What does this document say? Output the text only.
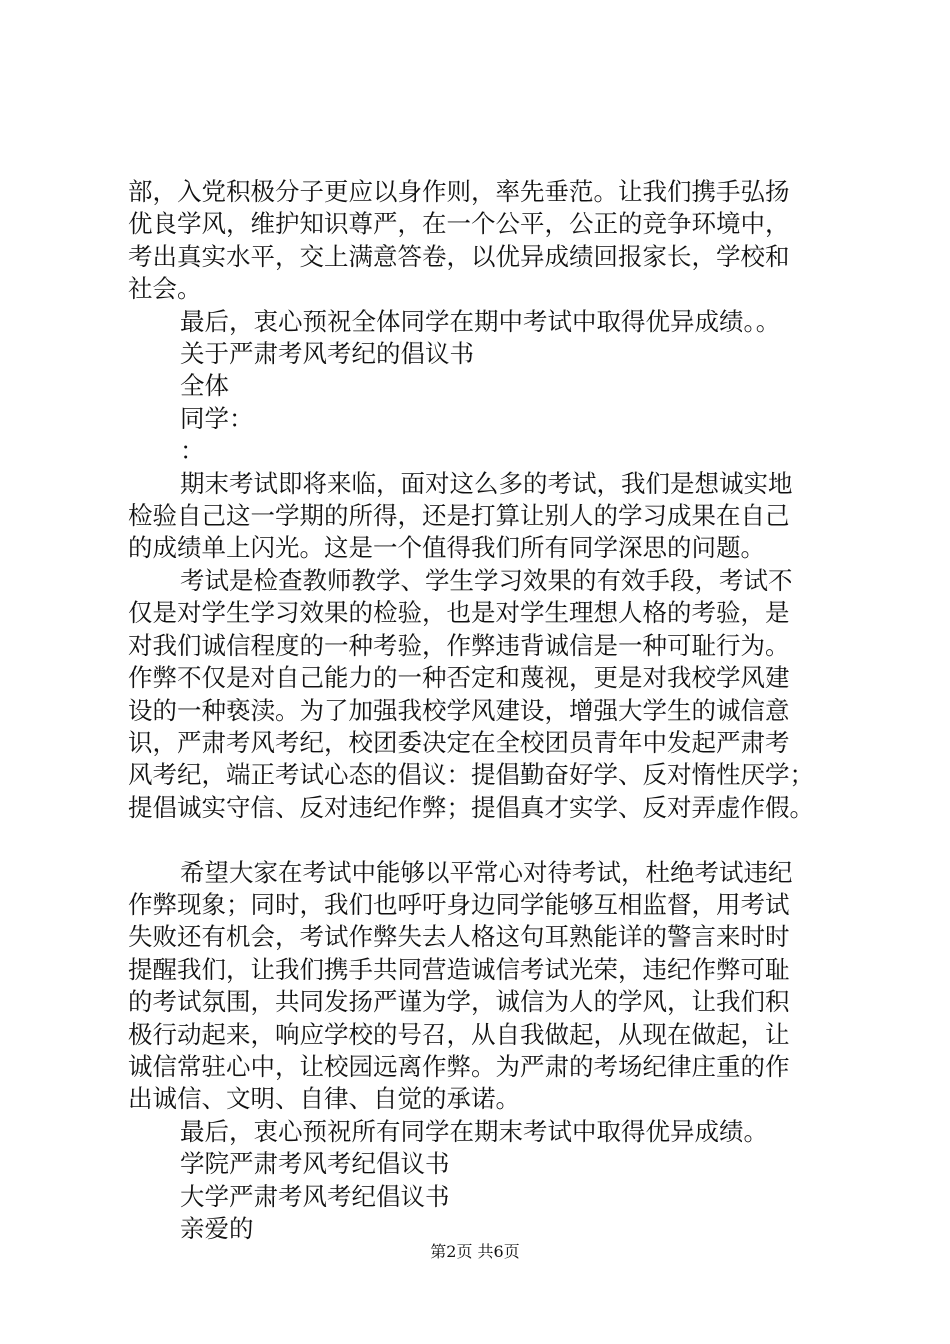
部，入党积极分子更应以身作则，率先垂范。让我们携手弘扬

优良学风，维护知识尊严，在一个公平，公正的竞争环境中，

考出真实水平，交上满意答卷，以优异成绩回报家长，学校和

社会。

最后，衷心预祝全体同学在期中考试中取得优异成绩。。

关于严肃考风考纪的倡议书

全体

同学：

：

期末考试即将来临，面对这么多的考试，我们是想诚实地

检验自己这一学期的所得，还是打算让别人的学习成果在自己

的成绩单上闪光。这是一个值得我们所有同学深思的问题。

考试是检查教师教学、学生学习效果的有效手段，考试不

仅是对学生学习效果的检验，也是对学生理想人格的考验，是

对我们诚信程度的一种考验，作弊违背诚信是一种可耻行为。

作弊不仅是对自己能力的一种否定和蔑视，更是对我校学风建

设的一种亵渎。为了加强我校学风建设，增强大学生的诚信意

识，严肃考风考纪，校团委决定在全校团员青年中发起严肃考

风考纪，端正考试心态的倡议：提倡勤奋好学、反对惰性厌学；

提倡诚实守信、反对违纪作弊；提倡真才实学、反对弄虚作假。

希望大家在考试中能够以平常心对待考试，杜绝考试违纪

作弊现象；同时，我们也呼吁身边同学能够互相监督，用考试

失败还有机会，考试作弊失去人格这句耳熟能详的警言来时时

提醒我们，让我们携手共同营造诚信考试光荣，违纪作弊可耻

的考试氛围，共同发扬严谨为学，诚信为人的学风，让我们积

极行动起来，响应学校的号召，从自我做起，从现在做起，让

诚信常驻心中，让校园远离作弊。为严肃的考场纪律庄重的作

出诚信、文明、自律、自觉的承诺。

最后，衷心预祝所有同学在期末考试中取得优异成绩。

学院严肃考风考纪倡议书

大学严肃考风考纪倡议书

亲爱的

第2页 共6页
